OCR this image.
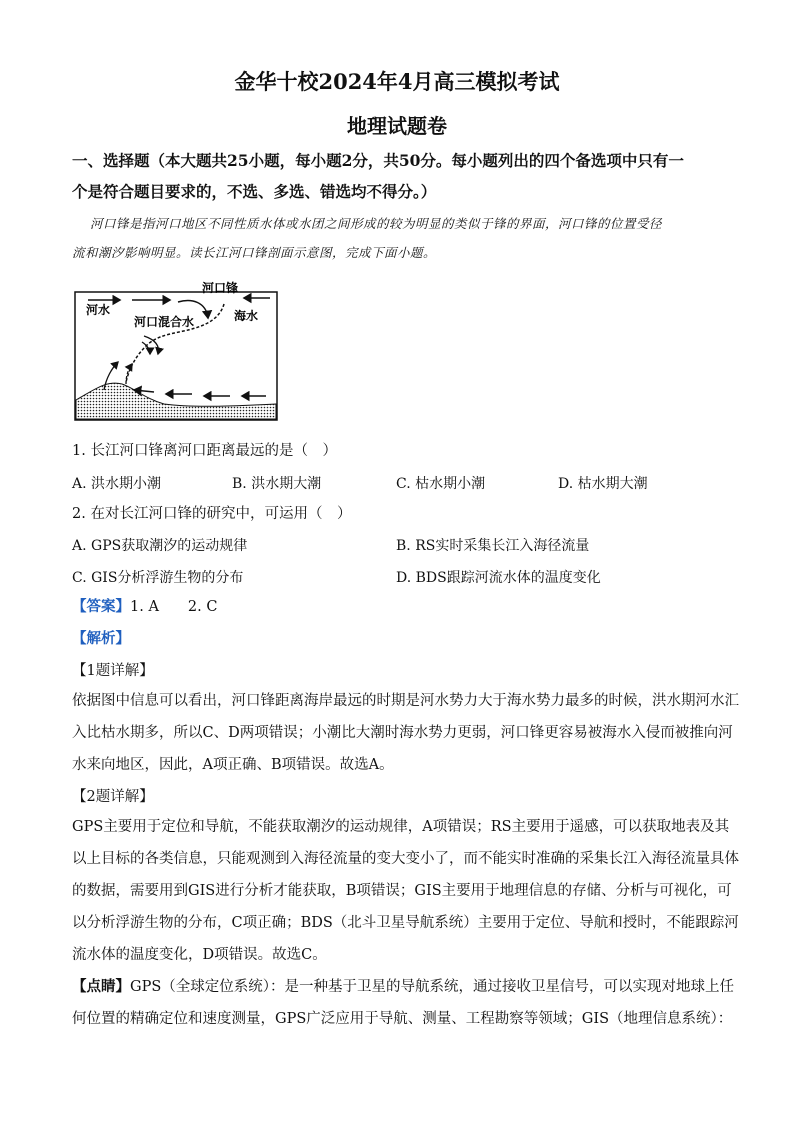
金华十校2024年4月高三模拟考试
地理试题卷
一、选择题（本大题共25小题，每小题2分，共50分。每小题列出的四个备选项中只有一
个是符合题目要求的，不选、多选、错选均不得分。）
河口锋是指河口地区不同性质水体或水团之间形成的较为明显的类似于锋的界面，河口锋的位置受径
流和潮汐影响明显。读长江河口锋剖面示意图，完成下面小题。
河口锋
河水	海水
河口混合水
1. 长江河口锋离河口距离最远的是（　）
A. 洪水期小潮	B. 洪水期大潮	C. 枯水期小潮	D. 枯水期大潮
2. 在对长江河口锋的研究中，可运用（　）
A. GPS获取潮汐的运动规律	B. RS实时采集长江入海径流量
C. GIS分析浮游生物的分布	D. BDS跟踪河流水体的温度变化
【答案】1. A　　2. C
【解析】
【1题详解】
依据图中信息可以看出，河口锋距离海岸最远的时期是河水势力大于海水势力最多的时候，洪水期河水汇
入比枯水期多，所以C、D两项错误；小潮比大潮时海水势力更弱，河口锋更容易被海水入侵而被推向河
水来向地区，因此，A项正确、B项错误。故选A。
【2题详解】
GPS主要用于定位和导航，不能获取潮汐的运动规律，A项错误；RS主要用于遥感，可以获取地表及其
以上目标的各类信息，只能观测到入海径流量的变大变小了，而不能实时准确的采集长江入海径流量具体
的数据，需要用到GIS进行分析才能获取，B项错误；GIS主要用于地理信息的存储、分析与可视化，可
以分析浮游生物的分布，C项正确；BDS（北斗卫星导航系统）主要用于定位、导航和授时，不能跟踪河
流水体的温度变化，D项错误。故选C。
【点睛】GPS（全球定位系统）：是一种基于卫星的导航系统，通过接收卫星信号，可以实现对地球上任
何位置的精确定位和速度测量，GPS广泛应用于导航、测量、工程勘察等领域；GIS（地理信息系统）：
